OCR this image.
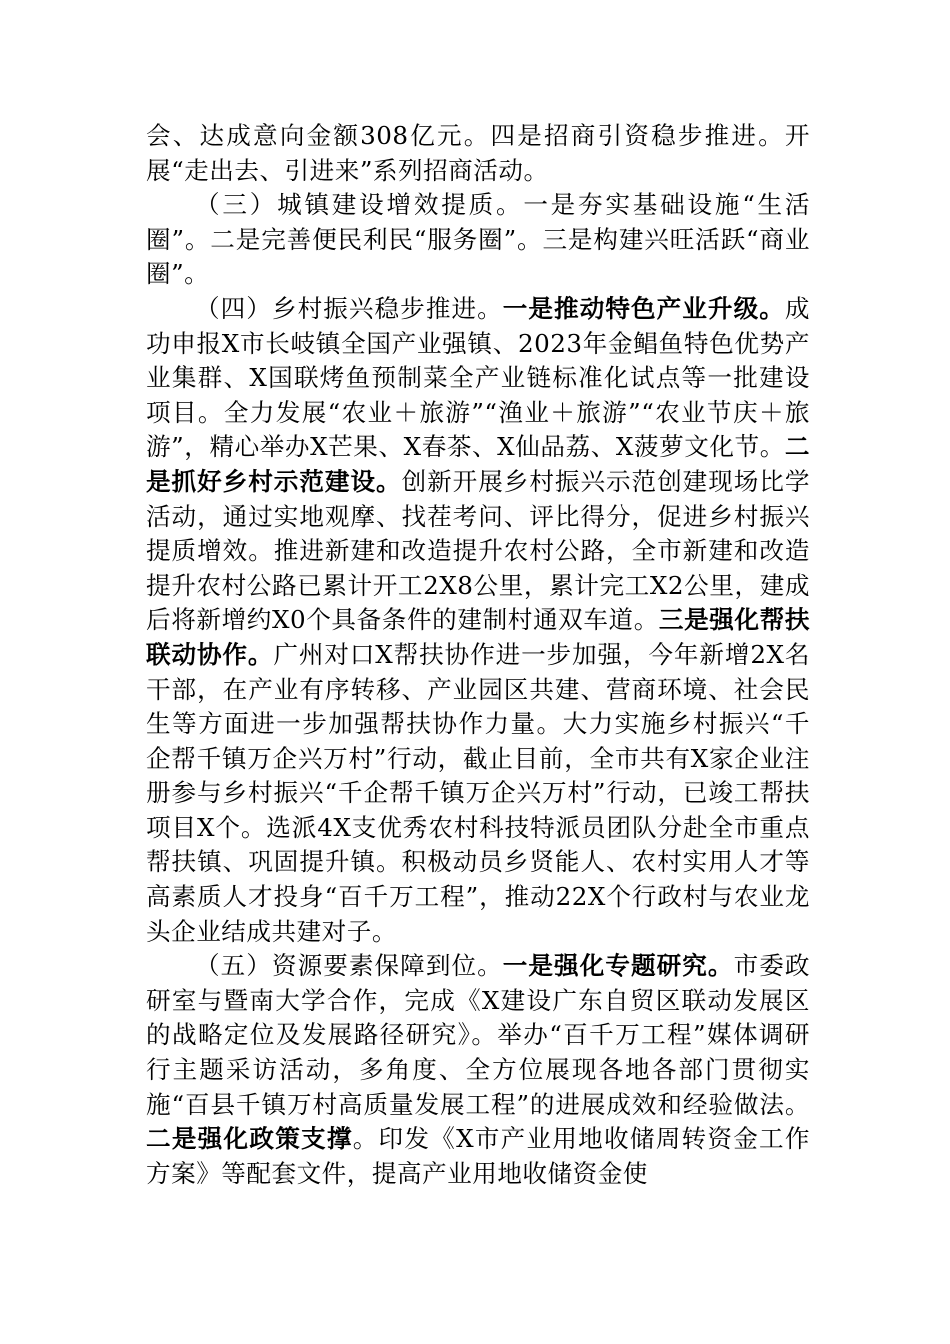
会、达成意向金额308亿元。四是招商引资稳步推进。开展“走出去、引进来”系列招商活动。

（三）城镇建设增效提质。一是夯实基础设施“生活圈”。二是完善便民利民“服务圈”。三是构建兴旺活跃“商业圈”。

（四）乡村振兴稳步推进。一是推动特色产业升级。成功申报X市长岐镇全国产业强镇、2023年金鲳鱼特色优势产业集群、X国联烤鱼预制菜全产业链标准化试点等一批建设项目。全力发展“农业＋旅游”“渔业＋旅游”“农业节庆＋旅游”，精心举办X芒果、X春茶、X仙品荔、X菠萝文化节。二是抓好乡村示范建设。创新开展乡村振兴示范创建现场比学活动，通过实地观摩、找茬考问、评比得分，促进乡村振兴提质增效。推进新建和改造提升农村公路，全市新建和改造提升农村公路已累计开工2X8公里，累计完工X2公里，建成后将新增约X0个具备条件的建制村通双车道。三是强化帮扶联动协作。广州对口X帮扶协作进一步加强，今年新增2X名干部，在产业有序转移、产业园区共建、营商环境、社会民生等方面进一步加强帮扶协作力量。大力实施乡村振兴“千企帮千镇万企兴万村”行动，截止目前，全市共有X家企业注册参与乡村振兴“千企帮千镇万企兴万村”行动，已竣工帮扶项目X个。选派4X支优秀农村科技特派员团队分赴全市重点帮扶镇、巩固提升镇。积极动员乡贤能人、农村实用人才等高素质人才投身“百千万工程”，推动22X个行政村与农业龙头企业结成共建对子。

（五）资源要素保障到位。一是强化专题研究。市委政研室与暨南大学合作，完成《X建设广东自贸区联动发展区的战略定位及发展路径研究》。举办“百千万工程”媒体调研行主题采访活动，多角度、全方位展现各地各部门贯彻实施“百县千镇万村高质量发展工程”的进展成效和经验做法。二是强化政策支撑。印发《X市产业用地收储周转资金工作方案》等配套文件，提高产业用地收储资金使
